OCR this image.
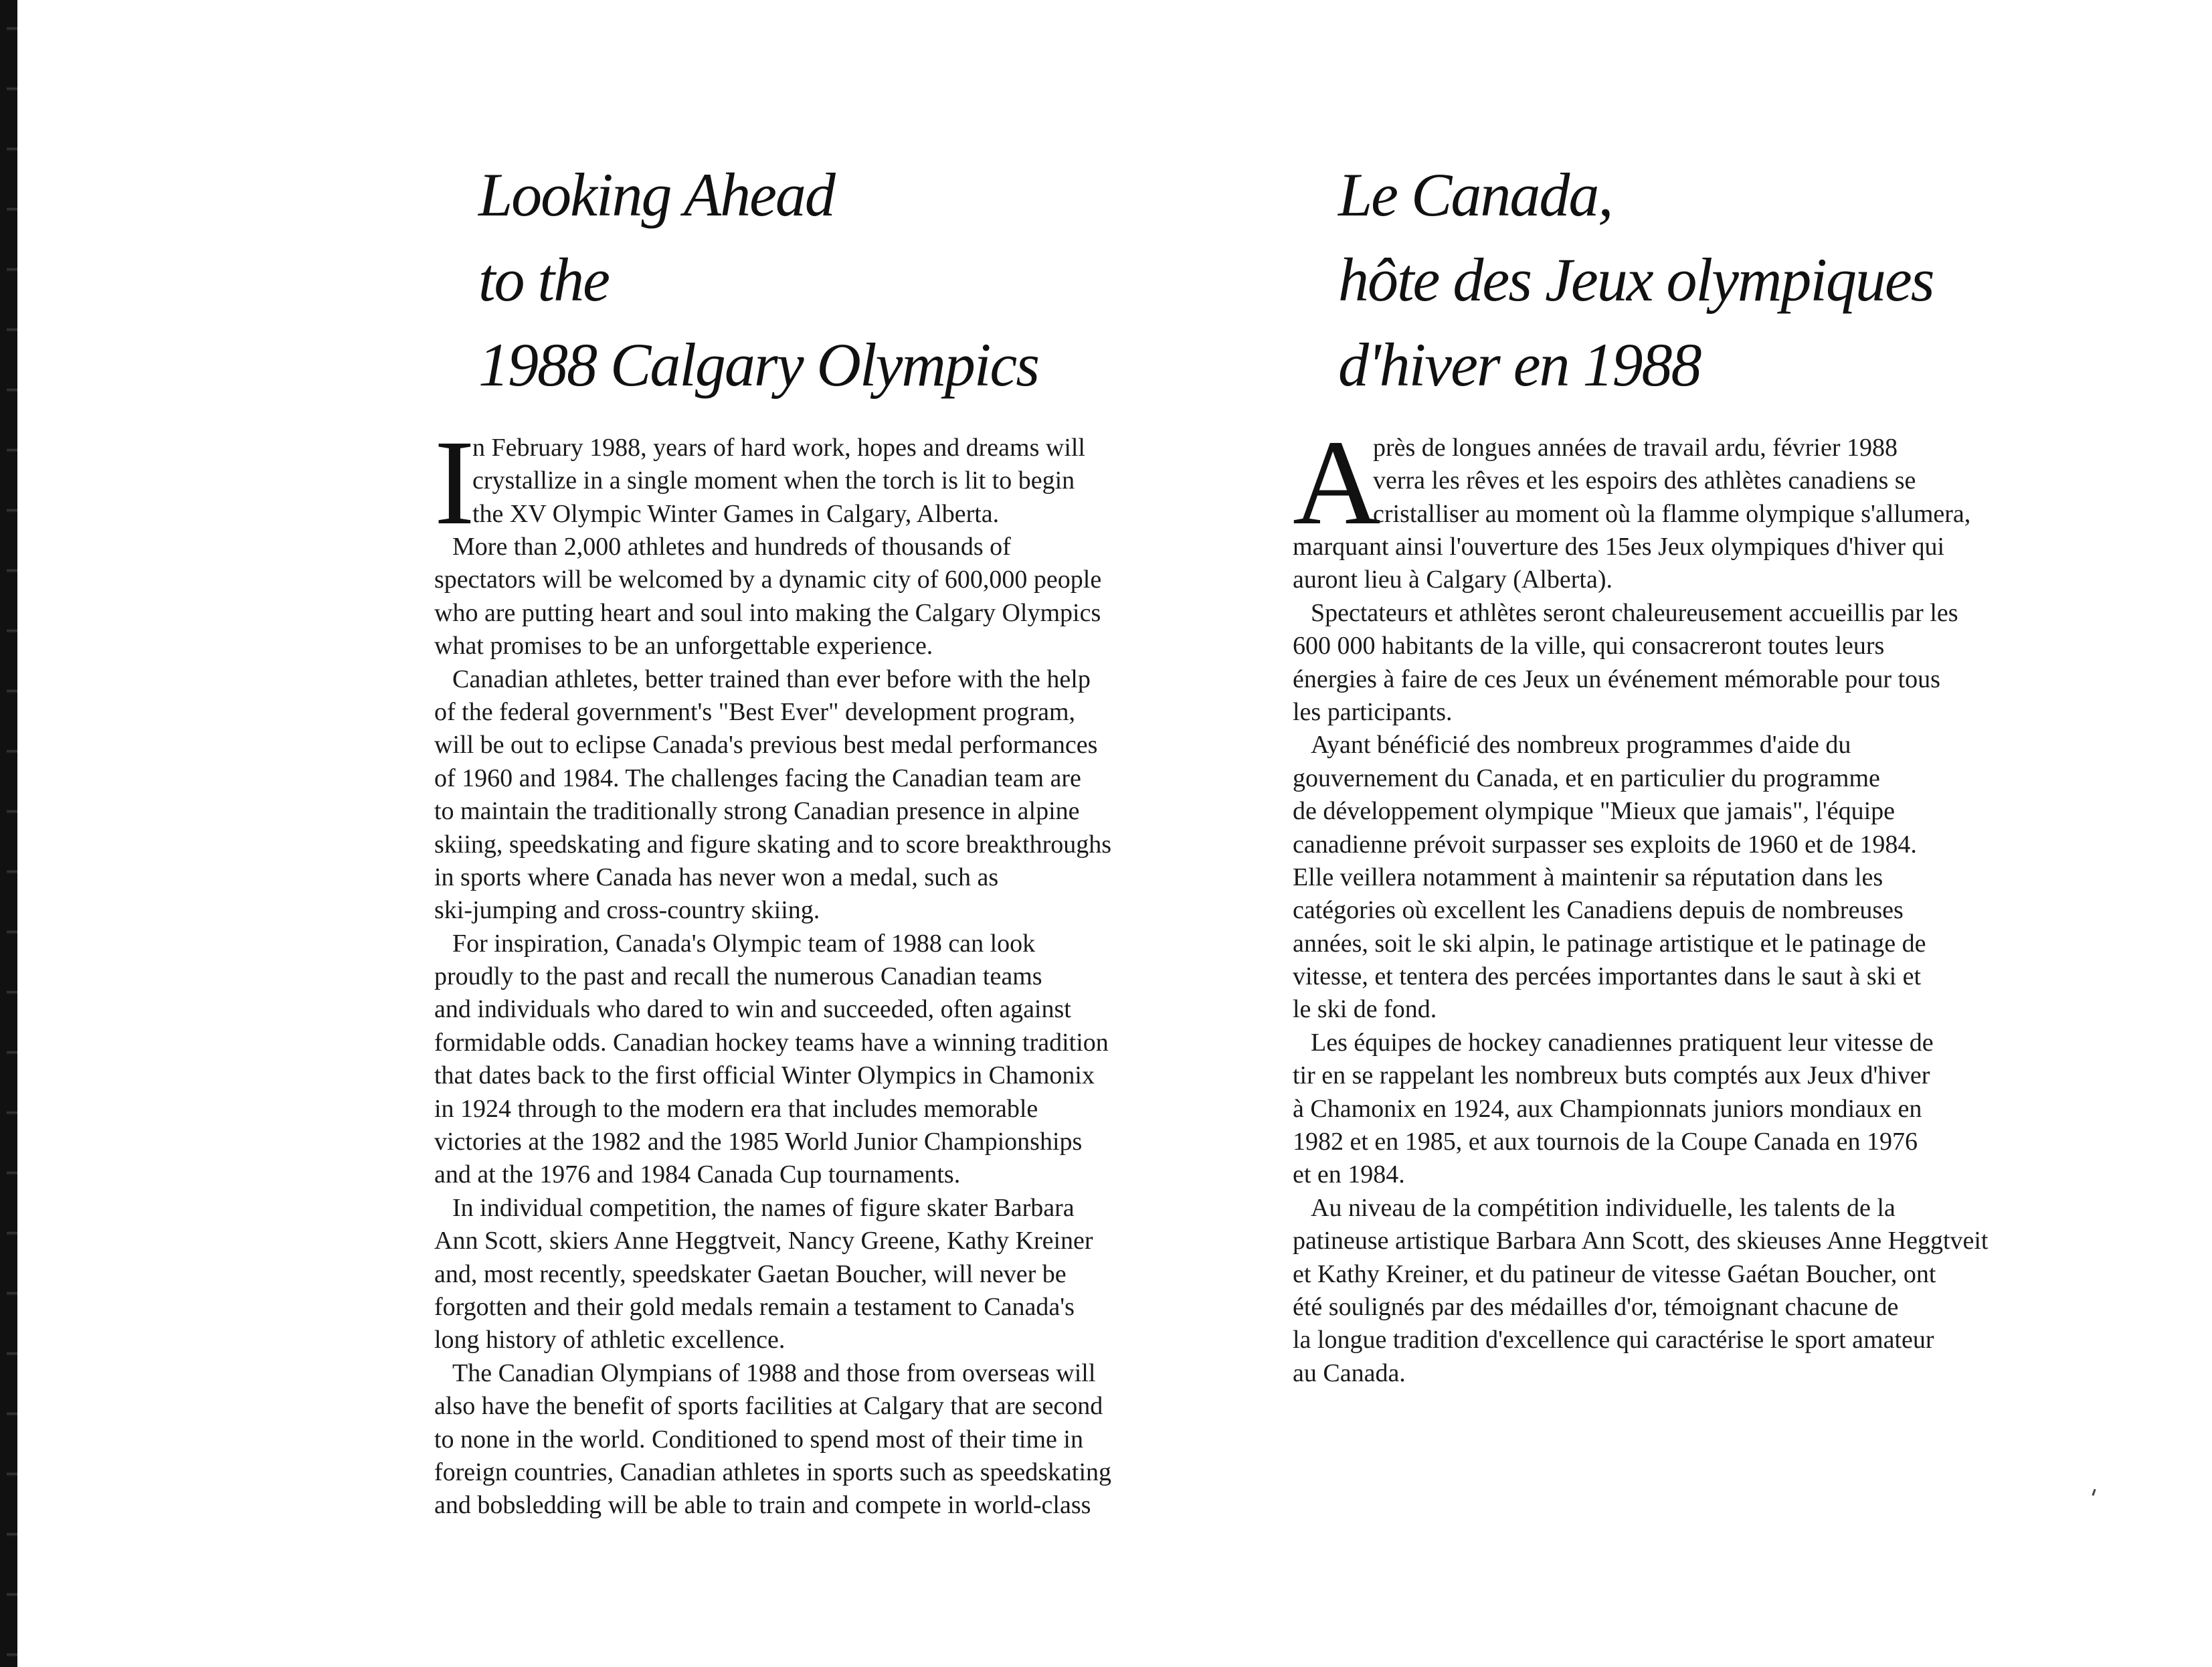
Looking Ahead
to the
1988 Calgary Olympics
I
n February 1988, years of hard work, hopes and dreams will
crystallize in a single moment when the torch is lit to begin
the XV Olympic Winter Games in Calgary, Alberta.
More than 2,000 athletes and hundreds of thousands of
spectators will be welcomed by a dynamic city of 600,000 people
who are putting heart and soul into making the Calgary Olympics
what promises to be an unforgettable experience.
Canadian athletes, better trained than ever before with the help
of the federal government's "Best Ever" development program,
will be out to eclipse Canada's previous best medal performances
of 1960 and 1984. The challenges facing the Canadian team are
to maintain the traditionally strong Canadian presence in alpine
skiing, speedskating and figure skating and to score breakthroughs
in sports where Canada has never won a medal, such as
ski-jumping and cross-country skiing.
For inspiration, Canada's Olympic team of 1988 can look
proudly to the past and recall the numerous Canadian teams
and individuals who dared to win and succeeded, often against
formidable odds. Canadian hockey teams have a winning tradition
that dates back to the first official Winter Olympics in Chamonix
in 1924 through to the modern era that includes memorable
victories at the 1982 and the 1985 World Junior Championships
and at the 1976 and 1984 Canada Cup tournaments.
In individual competition, the names of figure skater Barbara
Ann Scott, skiers Anne Heggtveit, Nancy Greene, Kathy Kreiner
and, most recently, speedskater Gaetan Boucher, will never be
forgotten and their gold medals remain a testament to Canada's
long history of athletic excellence.
The Canadian Olympians of 1988 and those from overseas will
also have the benefit of sports facilities at Calgary that are second
to none in the world. Conditioned to spend most of their time in
foreign countries, Canadian athletes in sports such as speedskating
and bobsledding will be able to train and compete in world-class
Le Canada,
hôte des Jeux olympiques
d'hiver en 1988
A
près de longues années de travail ardu, février 1988
verra les rêves et les espoirs des athlètes canadiens se
cristalliser au moment où la flamme olympique s'allumera,
marquant ainsi l'ouverture des 15es Jeux olympiques d'hiver qui
auront lieu à Calgary (Alberta).
Spectateurs et athlètes seront chaleureusement accueillis par les
600 000 habitants de la ville, qui consacreront toutes leurs
énergies à faire de ces Jeux un événement mémorable pour tous
les participants.
Ayant bénéficié des nombreux programmes d'aide du
gouvernement du Canada, et en particulier du programme
de développement olympique "Mieux que jamais", l'équipe
canadienne prévoit surpasser ses exploits de 1960 et de 1984.
Elle veillera notamment à maintenir sa réputation dans les
catégories où excellent les Canadiens depuis de nombreuses
années, soit le ski alpin, le patinage artistique et le patinage de
vitesse, et tentera des percées importantes dans le saut à ski et
le ski de fond.
Les équipes de hockey canadiennes pratiquent leur vitesse de
tir en se rappelant les nombreux buts comptés aux Jeux d'hiver
à Chamonix en 1924, aux Championnats juniors mondiaux en
1982 et en 1985, et aux tournois de la Coupe Canada en 1976
et en 1984.
Au niveau de la compétition individuelle, les talents de la
patineuse artistique Barbara Ann Scott, des skieuses Anne Heggtveit
et Kathy Kreiner, et du patineur de vitesse Gaétan Boucher, ont
été soulignés par des médailles d'or, témoignant chacune de
la longue tradition d'excellence qui caractérise le sport amateur
au Canada.
